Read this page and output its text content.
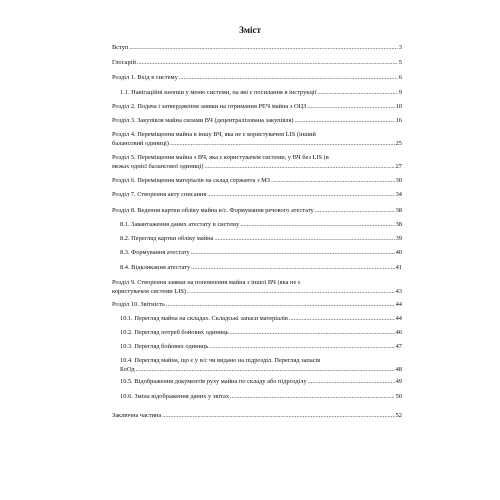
Зміст
Вступ .....	3
Глосарій .....	5
Розділ 1. Вхід в систему .....	6
1.1. Навігаційні кнопки у меню системи, на які є посилання в інструкції .....	9
Розділ 2. Подача і затвердження заявки на отримання РЕЧ майна з ОЦЗ .....	10
Розділ 3. Закупівля майна силами ВЧ (децентралізована закупівля) .....	16
Розділ 4. Переміщення майна в іншу ВЧ, яка не є користувачем LIS (інший
балансовий одиниці) .....	25
Розділ 5. Переміщення майна з ВЧ, яка є користувачем системи, у ВЧ без LIS (в
межах однієї балансової одиниці) .....	27
Розділ 6. Переміщення матеріалів на склад сержанта з МЗ .....	30
Розділ 7. Створення акту списання .....	34
Розділ 8. Ведення картки обліку майна в/с. Формування речового атестату .....	38
8.1. Завантаження даних атестату в систему .....	38
8.2. Перегляд картки обліку майна .....	39
8.3. Формування атестату .....	40
8.4. Відкликання атестату .....	41
Розділ 9. Створення заявки на поповнення майна з іншої ВЧ (яка не є
користувачем системи LIS) .....	43
Розділ 10. Звітність .....	44
10.1. Перегляд майна на складах. Складські запаси матеріалів .....	44
10.2. Перегляд потреб бойових одиниць .....	46
10.3. Перегляд бойових одиниць .....	47
10.4. Перегляд майна, що є у в/с чи видано на підрозділ. Перегляд запасів
БоОд .....	48
10.5. Відображення документів руху майна по складу або підрозділу .....	49
10.6. Зміна відображення даних у звітах .....	50
Заключна частина .....	52
